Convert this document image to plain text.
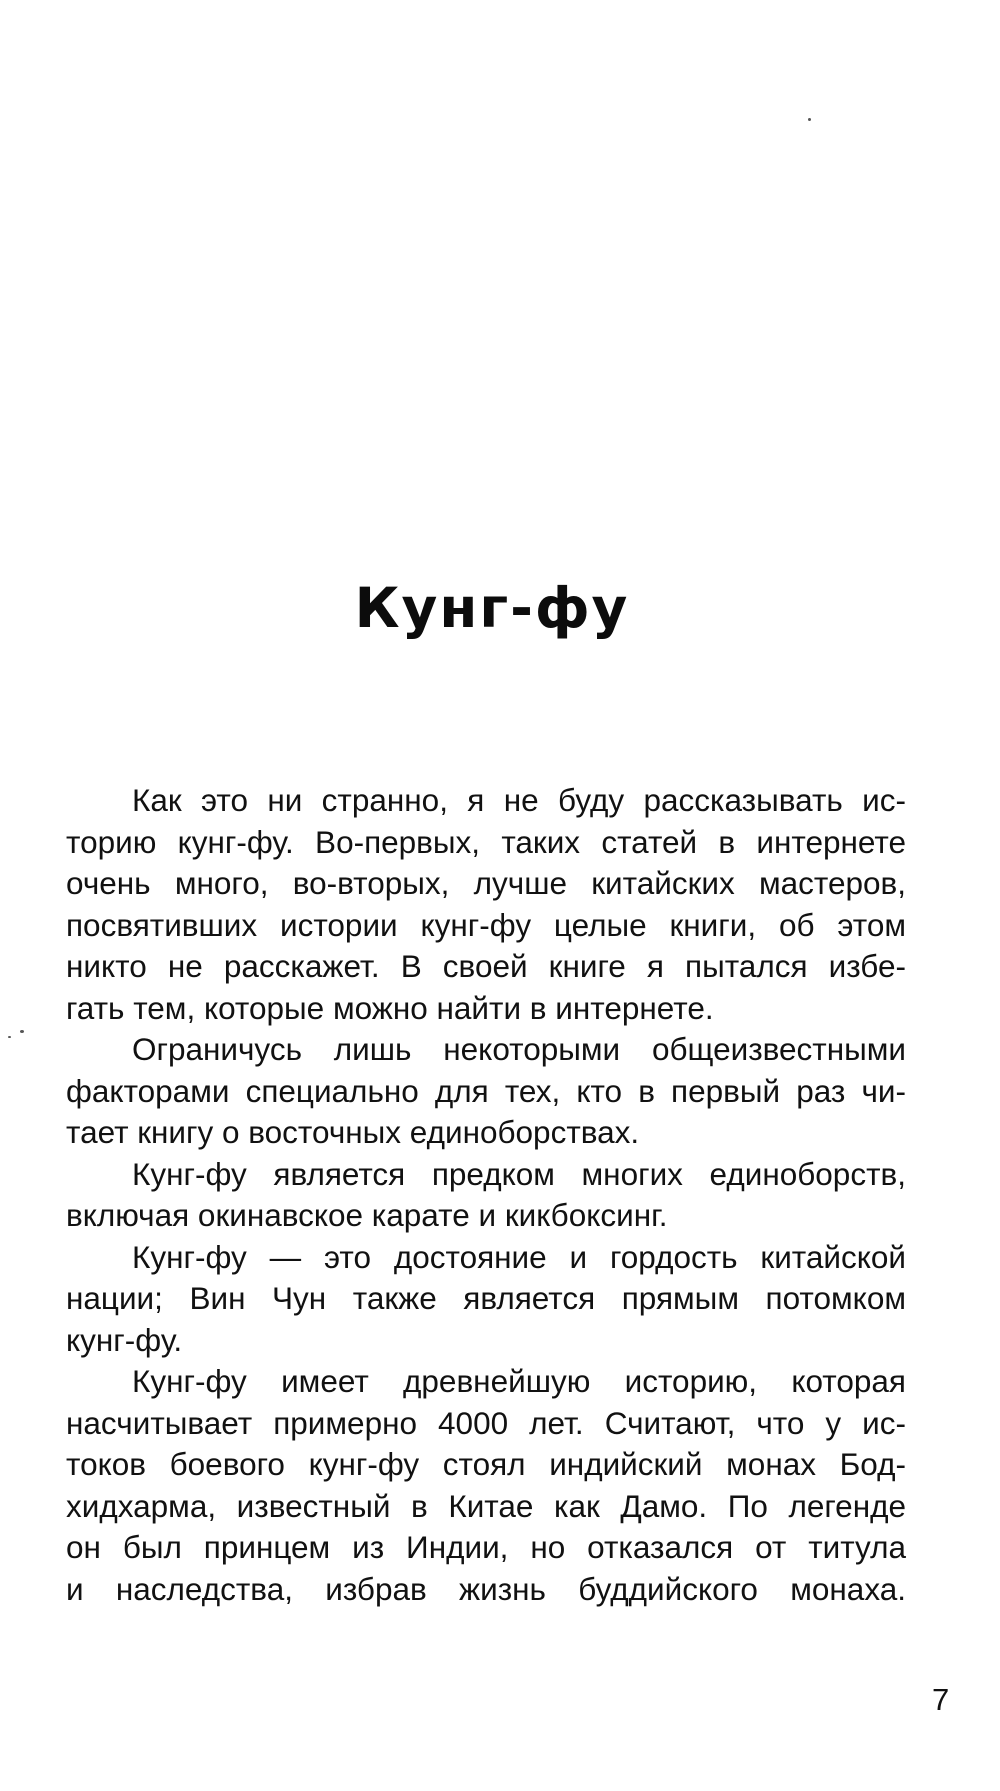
Кунг-фу
Как это ни странно, я не буду рассказывать ис-
торию кунг-фу. Во-первых, таких статей в интернете
очень много, во-вторых, лучше китайских мастеров,
посвятивших истории кунг-фу целые книги, об этом
никто не расскажет. В своей книге я пытался избе-
гать тем, которые можно найти в интернете.
Ограничусь лишь некоторыми общеизвестными
факторами специально для тех, кто в первый раз чи-
тает книгу о восточных единоборствах.
Кунг-фу является предком многих единоборств,
включая окинавское карате и кикбоксинг.
Кунг-фу — это достояние и гордость китайской
нации; Вин Чун также является прямым потомком
кунг-фу.
Кунг-фу имеет древнейшую историю, которая
насчитывает примерно 4000 лет. Считают, что у ис-
токов боевого кунг-фу стоял индийский монах Бод-
хидхарма, известный в Китае как Дамо. По легенде
он был принцем из Индии, но отказался от титула
и наследства, избрав жизнь буддийского монаха.
7
